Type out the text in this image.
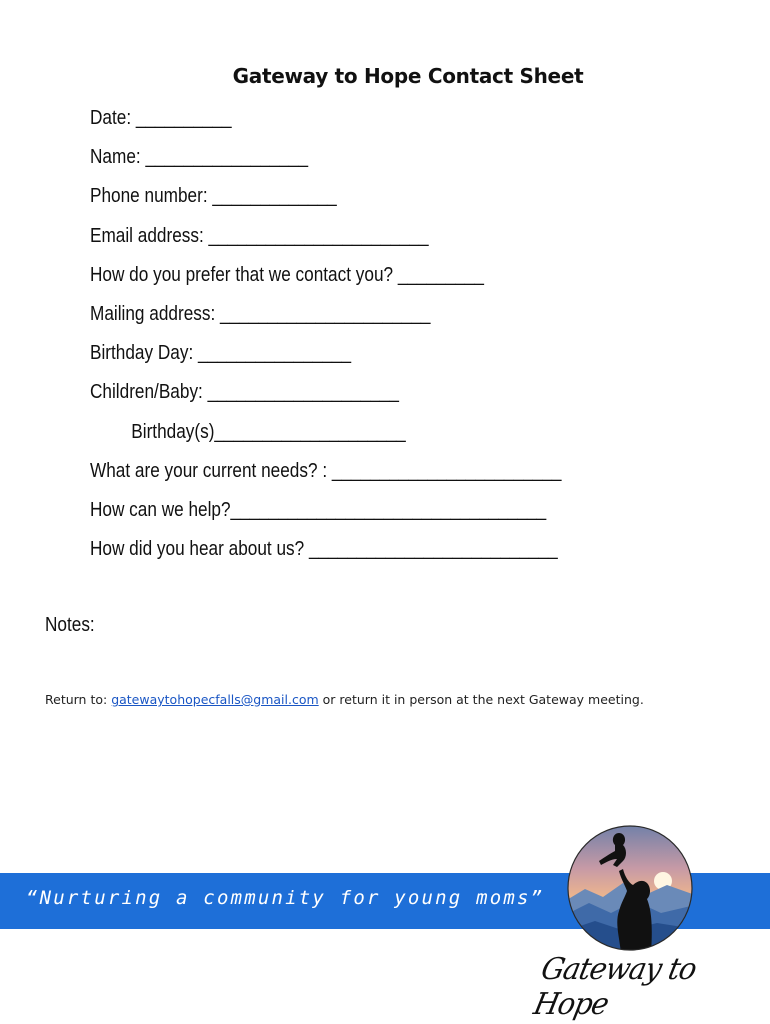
Gateway to Hope Contact Sheet
Date: __________
Name: _________________
Phone number: _____________
Email address: _______________________
How do you prefer that we contact you? _________
Mailing address: ______________________
Birthday Day: ________________
Children/Baby: ____________________
Birthday(s)____________________
What are your current needs? : ________________________
How can we help?_________________________________
How did you hear about us? __________________________
Notes:
Return to: gatewaytohopecfalls@gmail.com or return it in person at the next Gateway meeting.
“Nurturing a community for young moms”
Gateway to Hope
